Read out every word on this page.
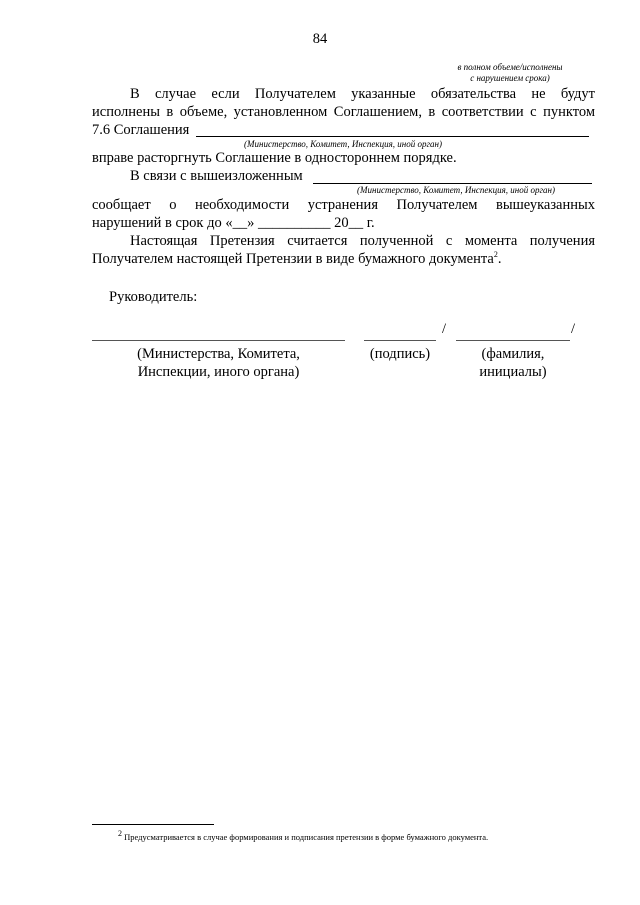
84
в полном объеме/исполнены
с нарушением срока)
В случае если Получателем указанные обязательства не будут
исполнены в объеме, установленном Соглашением, в соответствии с пунктом
7.6 Соглашения
(Министерство, Комитет, Инспекция, иной орган)
вправе расторгнуть Соглашение в одностороннем порядке.
В связи с вышеизложенным
(Министерство, Комитет, Инспекция, иной орган)
сообщает о необходимости устранения Получателем вышеуказанных
нарушений в срок до «__» __________ 20__ г.
Настоящая Претензия считается полученной с момента получения
Получателем настоящей Претензии в виде бумажного документа$^2$.
Руководитель:
/	/
(Министерства, Комитета,
Инспекции, иного органа)
(подпись)	(фамилия,
инициалы)
$^2$ Предусматривается в случае формирования и подписания претензии в форме бумажного документа.
